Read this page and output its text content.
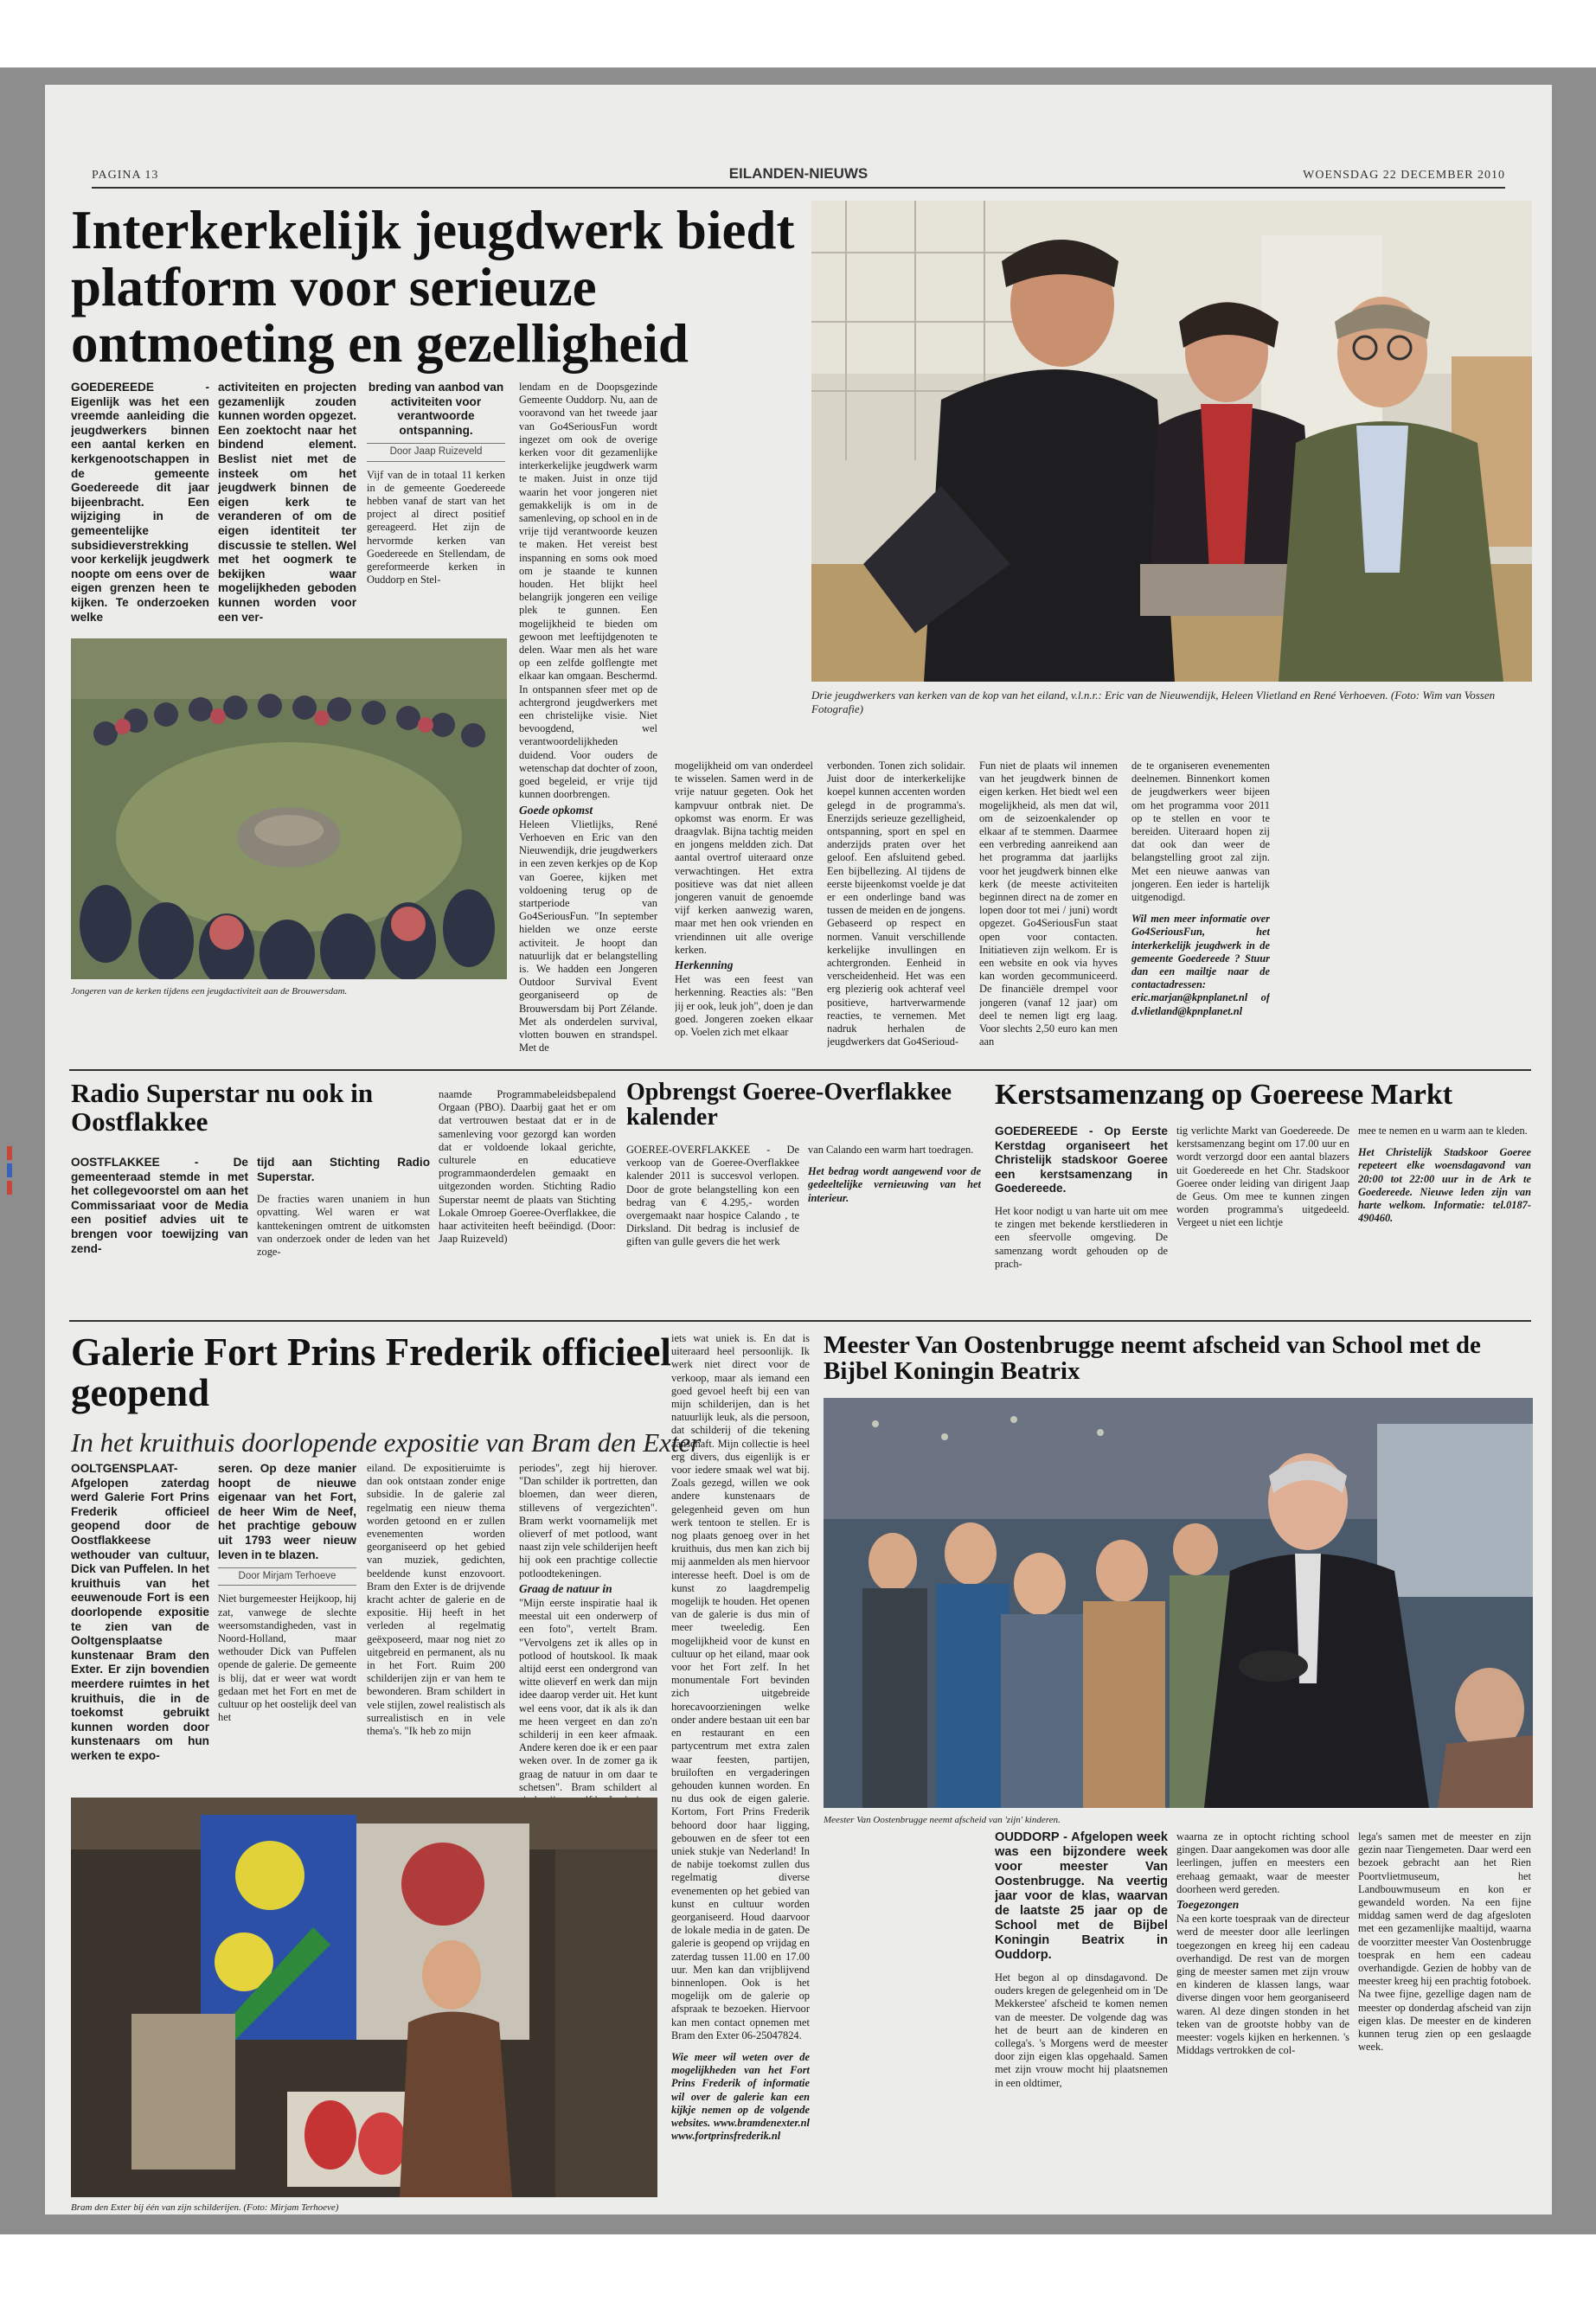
PAGINA 13	EILANDEN-NIEUWS	WOENSDAG 22 DECEMBER 2010
Interkerkelijk jeugdwerk biedt platform voor serieuze ontmoeting en gezelligheid

GOEDEREEDE - Eigenlijk was het een vreemde aanleiding die jeugdwerkers binnen een aantal kerken en kerkgenootschappen in de gemeente Goedereede dit jaar bijeenbracht. Een wijziging in de gemeentelijke subsidieverstrekking voor kerkelijk jeugdwerk noopte om eens over de eigen grenzen heen te kijken. Te onderzoeken welke

activiteiten en projecten gezamenlijk zouden kunnen worden opgezet. Een zoektocht naar het bindend element. Beslist niet met de insteek om het jeugdwerk binnen de eigen kerk te veranderen of om de eigen identiteit ter discussie te stellen. Wel met het oogmerk te bekijken waar mogelijkheden geboden kunnen worden voor een ver-

breding van aanbod van activiteiten voor verantwoorde ontspanning.

Door Jaap Ruizeveld

Vijf van de in totaal 11 kerken in de gemeente Goedereede hebben vanaf de start van het project al direct positief gereageerd. Het zijn de hervormde kerken van Goedereede en Stellendam, de gereformeerde kerken in Ouddorp en Stel-

lendam en de Doopsgezinde Gemeente Ouddorp. Nu, aan de vooravond van het tweede jaar van Go4SeriousFun wordt ingezet om ook de overige kerken voor dit gezamenlijke interkerkelijke jeugdwerk warm te maken. Juist in onze tijd waarin het voor jongeren niet gemakkelijk is om in de samenleving, op school en in de vrije tijd verantwoorde keuzen te maken. Het vereist best inspanning en soms ook moed om je staande te kunnen houden. Het blijkt heel belangrijk jongeren een veilige plek te gunnen. Een mogelijkheid te bieden om gewoon met leeftijdgenoten te delen. Waar men als het ware op een zelfde golflengte met elkaar kan omgaan. Beschermd. In ontspannen sfeer met op de achtergrond jeugdwerkers met een christelijke visie. Niet bevoogdend, wel verantwoordelijkheden duidend. Voor ouders de wetenschap dat dochter of zoon, goed begeleid, er vrije tijd kunnen doorbrengen.

Goede opkomst

Heleen Vlietlijks, René Verhoeven en Eric van den Nieuwendijk, drie jeugdwerkers in een zeven kerkjes op de Kop van Goeree, kijken met voldoening terug op de startperiode van Go4SeriousFun. "In september hielden we onze eerste activiteit. Je hoopt dan natuurlijk dat er belangstelling is. We hadden een Jongeren Outdoor Survival Event georganiseerd op de Brouwersdam bij Port Zélande. Met als onderdelen survival, vlotten bouwen en strandspel. Met de

Drie jeugdwerkers van kerken van de kop van het eiland, v.l.n.r.: Eric van de Nieuwendijk, Heleen Vlietland en René Verhoeven. (Foto: Wim van Vossen Fotografie)
Jongeren van de kerken tijdens een jeugdactiviteit aan de Brouwersdam.

mogelijkheid om van onderdeel te wisselen. Samen werd in de vrije natuur gegeten. Ook het kampvuur ontbrak niet. De opkomst was enorm. Er was draagvlak. Bijna tachtig meiden en jongens meldden zich. Dat aantal overtrof uiteraard onze verwachtingen. Het extra positieve was dat niet alleen jongeren vanuit de genoemde vijf kerken aanwezig waren, maar met hen ook vrienden en vriendinnen uit alle overige kerken.

Herkenning

Het was een feest van herkenning. Reacties als: "Ben jij er ook, leuk joh", doen je dan goed. Jongeren zoeken elkaar op. Voelen zich met elkaar

verbonden. Tonen zich solidair. Juist door de interkerkelijke koepel kunnen accenten worden gelegd in de programma's. Enerzijds serieuze gezelligheid, ontspanning, sport en spel en anderzijds praten over het geloof. Een afsluitend gebed. Een bijbellezing. Al tijdens de eerste bijeenkomst voelde je dat er een onderlinge band was tussen de meiden en de jongens. Gebaseerd op respect en normen. Vanuit verschillende kerkelijke invullingen en achtergronden. Eenheid in verscheidenheid. Het was een erg plezierig ook achteraf veel positieve, hartverwarmende reacties, te vernemen. Met nadruk herhalen de jeugdwerkers dat Go4Serioud-

Fun niet de plaats wil innemen van het jeugdwerk binnen de eigen kerken. Het biedt wel een mogelijkheid, als men dat wil, om de seizoenkalender op elkaar af te stemmen. Daarmee een verbreding aanreikend aan het programma dat jaarlijks voor het jeugdwerk binnen elke kerk (de meeste activiteiten beginnen direct na de zomer en lopen door tot mei / juni) wordt opgezet. Go4SeriousFun staat open voor contacten. Initiatieven zijn welkom. Er is een website en ook via hyves kan worden gecommuniceerd. De financiële drempel voor jongeren (vanaf 12 jaar) om deel te nemen ligt erg laag. Voor slechts 2,50 euro kan men aan

de te organiseren evenementen deelnemen. Binnenkort komen de jeugdwerkers weer bijeen om het programma voor 2011 op te stellen en voor te bereiden. Uiteraard hopen zij dat ook dan weer de belangstelling groot zal zijn. Met een nieuwe aanwas van jongeren. Een ieder is hartelijk uitgenodigd.

Wil men meer informatie over Go4SeriousFun, het interkerkelijk jeugdwerk in de gemeente Goedereede ? Stuur dan een mailtje naar de contactadressen: eric.marjan@kpnplanet.nl of d.vlietland@kpnplanet.nl

Radio Superstar nu ook in Oostflakkee

OOSTFLAKKEE - De gemeenteraad stemde in met het collegevoorstel om aan het Commissariaat voor de Media een positief advies uit te brengen voor toewijzing van zend-

tijd aan Stichting Radio Superstar.

De fracties waren unaniem in hun opvatting. Wel waren er wat kanttekeningen omtrent de uitkomsten van onderzoek onder de leden van het zoge-

naamde Programmabeleidsbepalend Orgaan (PBO). Daarbij gaat het er om dat vertrouwen bestaat dat er in de samenleving voor gezorgd kan worden dat er voldoende lokaal gerichte, culturele en educatieve programmaonderdelen gemaakt en uitgezonden worden. Stichting Radio Superstar neemt de plaats van Stichting Lokale Omroep Goeree-Overflakkee, die haar activiteiten heeft beëindigd. (Door: Jaap Ruizeveld)

Opbrengst Goeree-Overflakkee kalender

GOEREE-OVERFLAKKEE - De verkoop van de Goeree-Overflakkee kalender 2011 is succesvol verlopen. Door de grote belangstelling kon een bedrag van € 4.295,- worden overgemaakt naar hospice Calando , te Dirksland. Dit bedrag is inclusief de giften van gulle gevers die het werk

van Calando een warm hart toedragen.

Het bedrag wordt aangewend voor de gedeeltelijke vernieuwing van het interieur.

Kerstsamenzang op Goereese Markt

GOEDEREEDE - Op Eerste Kerstdag organiseert het Christelijk stadskoor Goeree een kerstsamenzang in Goedereede.

Het koor nodigt u van harte uit om mee te zingen met bekende kerstliederen in een sfeervolle omgeving. De samenzang wordt gehouden op de prach-

tig verlichte Markt van Goedereede. De kerstsamenzang begint om 17.00 uur en wordt verzorgd door een aantal blazers uit Goedereede en het Chr. Stadskoor Goeree onder leiding van dirigent Jaap de Geus. Om mee te kunnen zingen worden programma's uitgedeeld. Vergeet u niet een lichtje

mee te nemen en u warm aan te kleden.

Het Christelijk Stadskoor Goeree repeteert elke woensdagavond van 20:00 tot 22:00 uur in de Ark te Goedereede. Nieuwe leden zijn van harte welkom. Informatie: tel.0187-490460.

Galerie Fort Prins Frederik officieel geopend

In het kruithuis doorlopende expositie van Bram den Exter

OOLTGENSPLAAT- Afgelopen zaterdag werd Galerie Fort Prins Frederik officieel geopend door de Oostflakkeese wethouder van cultuur, Dick van Puffelen. In het kruithuis van het eeuwenoude Fort is een doorlopende expositie te zien van de Ooltgensplaatse kunstenaar Bram den Exter. Er zijn bovendien meerdere ruimtes in het kruithuis, die in de toekomst gebruikt kunnen worden door kunstenaars om hun werken te expo-

seren. Op deze manier hoopt de nieuwe eigenaar van het Fort, de heer Wim de Neef, het prachtige gebouw uit 1793 weer nieuw leven in te blazen.

Door Mirjam Terhoeve

Niet burgemeester Heijkoop, hij zat, vanwege de slechte weersomstandigheden, vast in Noord-Holland, maar wethouder Dick van Puffelen opende de galerie. De gemeente is blij, dat er weer wat wordt gedaan met het Fort en met de cultuur op het oostelijk deel van het

eiland. De expositieruimte is dan ook ontstaan zonder enige subsidie. In de galerie zal regelmatig een nieuw thema worden getoond en er zullen evenementen worden georganiseerd op het gebied van muziek, gedichten, beeldende kunst enzovoort. Bram den Exter is de drijvende kracht achter de galerie en de expositie. Hij heeft in het verleden al regelmatig geëxposeerd, maar nog niet zo uitgebreid en permanent, als nu in het Fort. Ruim 200 schilderijen zijn er van hem te bewonderen. Bram schildert in vele stijlen, zowel realistisch als surrealistisch en in vele thema's. "Ik heb zo mijn

periodes", zegt hij hierover. "Dan schilder ik portretten, dan bloemen, dan weer dieren, stillevens of vergezichten". Bram werkt voornamelijk met olieverf of met potlood, want naast zijn vele schilderijen heeft hij ook een prachtige collectie potloodtekeningen.

Graag de natuur in

"Mijn eerste inspiratie haal ik meestal uit een onderwerp of een foto", vertelt Bram. "Vervolgens zet ik alles op in potlood of houtskool. Ik maak altijd eerst een ondergrond van witte olieverf en werk dan mijn idee daarop verder uit. Het kunt wel eens voor, dat ik als ik dan me heen vergeet en dan zo'n schilderij in een keer afmaak. Andere keren doe ik er een paar weken over. In de zomer ga ik graag de natuur in om daar te schetsen". Bram schildert al

iets wat uniek is. En dat is uiteraard heel persoonlijk. Ik werk niet direct voor de verkoop, maar als iemand een goed gevoel heeft bij een van mijn schilderijen, dan is het natuurlijk leuk, als die persoon, dat schilderij of die tekening aanschaft. Mijn collectie is heel erg divers, dus eigenlijk is er voor iedere smaak wel wat bij. Zoals gezegd, willen we ook andere kunstenaars de gelegenheid geven om hun werk tentoon te stellen. Er is nog plaats genoeg over in het kruithuis, dus men kan zich bij mij aanmelden als men hiervoor interesse heeft. Doel is om de kunst zo laagdrempelig mogelijk te houden. Het openen van de galerie is dus min of meer tweeledig. Een mogelijkheid voor de kunst en cultuur op het eiland, maar ook voor het Fort zelf. In het monumentale Fort bevinden zich uitgebreide horecavoorzieningen welke onder andere bestaan uit een bar en restaurant en een partycentrum met extra zalen waar feesten, partijen, bruiloften en vergaderingen gehouden kunnen worden. En nu dus ook de eigen galerie. Kortom, Fort Prins Frederik behoord door haar ligging, gebouwen en de sfeer tot een uniek stukje van Nederland! In de nabije toekomst zullen dus regelmatig diverse evenementen op het gebied van kunst en cultuur worden georganiseerd. Houd daarvoor de lokale media in de gaten. De galerie is geopend op vrijdag en zaterdag tussen 11.00 en 17.00 uur. Men kan dan vrijblijvend binnenlopen. Ook is het mogelijk om de galerie op afspraak te bezoeken. Hiervoor kan men contact opnemen met Bram den Exter 06-25047824.

Wie meer wil weten over de mogelijkheden van het Fort Prins Frederik of informatie wil over de galerie kan een kijkje nemen op de volgende websites. www.bramdenexter.nl www.fortprinsfrederik.nl

Bram den Exter bij één van zijn schilderijen. (Foto: Mirjam Terhoeve)
Meester Van Oostenbrugge neemt afscheid van School met de Bijbel Koningin Beatrix
Meester Van Oostenbrugge neemt afscheid van 'zijn' kinderen.

OUDDORP - Afgelopen week was een bijzondere week voor meester Van Oostenbrugge. Na veertig jaar voor de klas, waarvan de laatste 25 jaar op de School met de Bijbel Koningin Beatrix in Ouddorp.

Het begon al op dinsdagavond. De ouders kregen de gelegenheid om in 'De Mekkerstee' afscheid te komen nemen van de meester. De volgende dag was het de beurt aan de kinderen en collega's. 's Morgens werd de meester door zijn eigen klas opgehaald. Samen met zijn vrouw mocht hij plaatsnemen in een oldtimer,

waarna ze in optocht richting school gingen. Daar aangekomen was door alle leerlingen, juffen en meesters een erehaag gemaakt, waar de meester doorheen werd gereden.

Toegezongen

Na een korte toespraak van de directeur werd de meester door alle leerlingen toegezongen en kreeg hij een cadeau overhandigd. De rest van de morgen ging de meester samen met zijn vrouw en kinderen de klassen langs, waar diverse dingen voor hem georganiseerd waren. Al deze dingen stonden in het teken van de grootste hobby van de meester: vogels kijken en herkennen. 's Middags vertrokken de col-

lega's samen met de meester en zijn gezin naar Tiengemeten. Daar werd een bezoek gebracht aan het Rien Poortvlietmuseum, het Landbouwmuseum en kon er gewandeld worden. Na een fijne middag samen werd de dag afgesloten met een gezamenlijke maaltijd, waarna de voorzitter meester Van Oostenbrugge toesprak en hem een cadeau overhandigde. Gezien de hobby van de meester kreeg hij een prachtig fotoboek. Na twee fijne, gezellige dagen nam de meester op donderdag afscheid van zijn eigen klas. De meester en de kinderen kunnen terug zien op een geslaagde week.
